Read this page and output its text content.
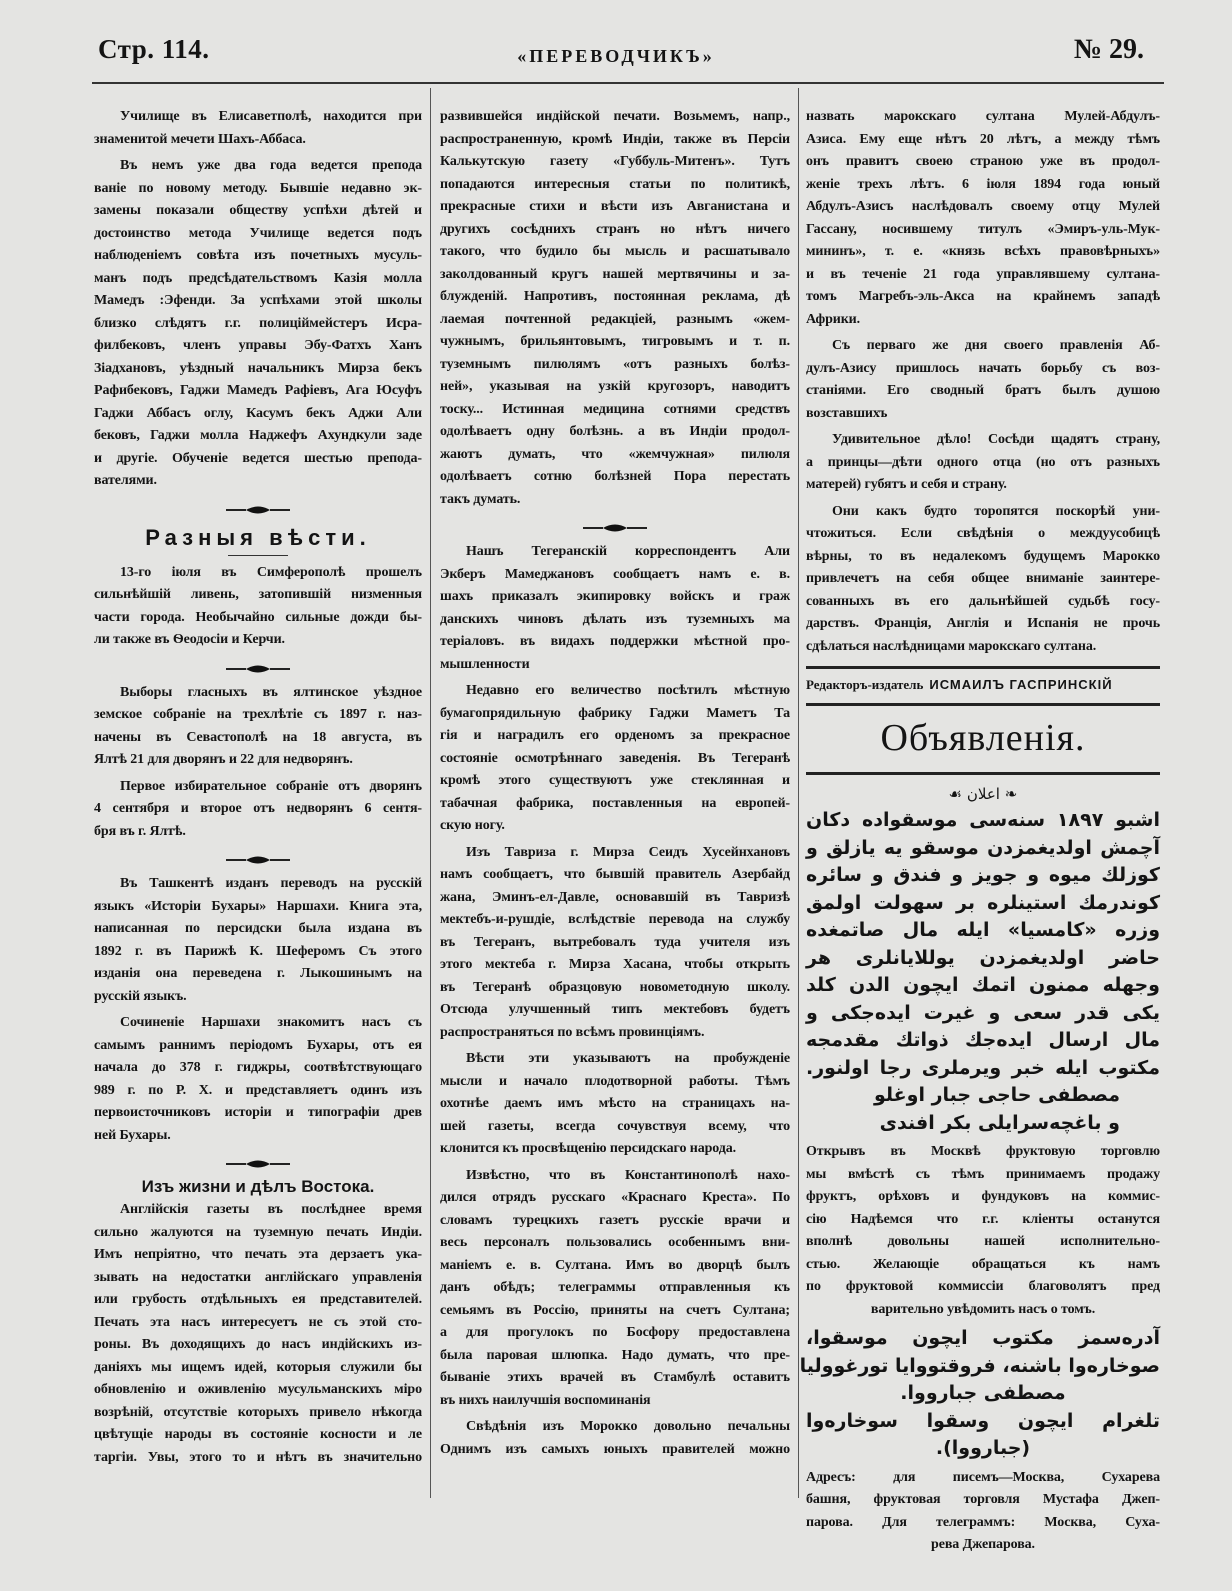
Стр. 114.	«ПЕРЕВОДЧИКЪ»	№ 29.
Училище въ Елисаветполѣ, находится при
знаменитой мечети Шахъ-Аббаса.
Въ немъ уже два года ведется препода
ваніе по новому методу. Бывшіе недавно эк-
замены показали обществу успѣхи дѣтей и
достоинство метода Училище ведется подъ
наблюденіемъ совѣта изъ почетныхъ мусуль-
манъ подъ предсѣдательствомъ Казія молла
Мамедъ :Эфенди. За успѣхами этой школы
близко слѣдятъ г.г. полиціймейстеръ Исра-
филбековъ, членъ управы Эбу-Фатхъ Ханъ
Зіадхановъ, уѣздный начальникъ Мирза бекъ
Рафибековъ, Гаджи Мамедъ Рафіевъ, Ага Юсуфъ
Гаджи Аббасъ оглу, Касумъ бекъ Аджи Али
бековъ, Гаджи молла Наджефъ Ахундкули заде
и другіе. Обученіе ведется шестью препода-
вателями.
Разныя вѣсти.
13-го іюля въ Симферополѣ прошелъ
сильнѣйшій ливень, затопившій низменныя
части города. Необычайно сильные дожди бы-
ли также въ Ѳеодосіи и Керчи.
Выборы гласныхъ въ ялтинское уѣздное
земское собраніе на трехлѣтіе съ 1897 г. наз-
начены въ Севастополѣ на 18 августа, въ
Ялтѣ 21 для дворянъ и 22 для недворянъ.
Первое избирательное собраніе отъ дворянъ
4 сентября и второе отъ недворянъ 6 сентя-
бря въ г. Ялтѣ.
Въ Ташкентѣ изданъ переводъ на русскій
языкъ «Исторіи Бухары» Наршахи. Книга эта,
написанная по персидски была издана въ
1892 г. въ Парижѣ К. Шеферомъ Съ этого
изданія она переведена г. Лыкошинымъ на
русскій языкъ.
Сочиненіе Наршахи знакомитъ насъ съ
самымъ раннимъ періодомъ Бухары, отъ ея
начала до 378 г. гиджры, соотвѣтствующаго
989 г. по Р. Х. и представляетъ одинъ изъ
первоисточниковъ исторіи и типографіи древ
ней Бухары.
Изъ жизни и дѣлъ Востока.
Англійскія газеты въ послѣднее время
сильно жалуются на туземную печать Индіи.
Имъ непріятно, что печать эта дерзаетъ ука-
зывать на недостатки англійскаго управленія
или грубость отдѣльныхъ ея представителей.
Печать эта насъ интересуетъ не съ этой сто-
роны. Въ доходящихъ до насъ индійскихъ из-
даніяхъ мы ищемъ идей, которыя служили бы
обновленію и оживленію мусульманскихъ міро
возрѣній, отсутствіе которыхъ привело нѣкогда
цвѣтущіе народы въ состояніе косности и ле
таргіи. Увы, этого то и нѣтъ въ значительно
развившейся индійской печати. Возьмемъ, напр.,
распространенную, кромѣ Индіи, также въ Персіи
Калькутскую газету «Губбуль-Митенъ». Тутъ
попадаются интересныя статьи по политикѣ,
прекрасные стихи и вѣсти изъ Авганистана и
другихъ сосѣднихъ странъ но нѣтъ ничего
такого, что будило бы мысль и расшатывало
заколдованный кругъ нашей мертвячины и за-
блужденій. Напротивъ, постоянная реклама, дѣ
лаемая почтенной редакціей, разнымъ «жем-
чужнымъ, брильянтовымъ, тигровымъ и т. п.
туземнымъ пилюлямъ «отъ разныхъ болѣз-
ней», указывая на узкій кругозоръ, наводитъ
тоску... Истинная медицина сотнями средствъ
одолѣваетъ одну болѣзнь. а въ Индіи продол-
жаютъ думать, что «жемчужная» пилюля
одолѣваетъ сотню болѣзней Пора перестать
такъ думать.
Нашъ Тегеранскій корреспондентъ Али
Экберъ Мамеджановъ сообщаетъ намъ е. в.
шахъ приказалъ экипировку войскъ и граж
данскихъ чиновъ дѣлать изъ туземныхъ ма
теріаловъ. въ видахъ поддержки мѣстной про-
мышленности
Недавно его величество посѣтилъ мѣстную
бумагопрядильную фабрику Гаджи Маметъ Та
гія и наградилъ его орденомъ за прекрасное
состояніе осмотрѣннаго заведенія. Въ Тегеранѣ
кромѣ этого существуютъ уже стеклянная и
табачная фабрика, поставленныя на европей-
скую ногу.
Изъ Тавриза г. Мирза Сеидъ Хусейнхановъ
намъ сообщаетъ, что бывшій правитель Азербайд
жана, Эминъ-ел-Давле, основавшій въ Тавризѣ
мектебъ-и-рушдіе, вслѣдствіе перевода на службу
въ Тегеранъ, вытребовалъ туда учителя изъ
этого мектеба г. Мирза Хасана, чтобы открыть
въ Тегеранѣ образцовую новометодную школу.
Отсюда улучшенный типъ мектебовъ будетъ
распространяться по всѣмъ провинціямъ.
Вѣсти эти указываютъ на пробужденіе
мысли и начало плодотворной работы. Тѣмъ
охотнѣе даемъ имъ мѣсто на страницахъ на-
шей газеты, всегда сочувствуя всему, что
клонится къ просвѣщенію персидскаго народа.
Извѣстно, что въ Константинополѣ нахо-
дился отрядъ русскаго «Краснаго Креста». По
словамъ турецкихъ газетъ русскіе врачи и
весь персоналъ пользовались особеннымъ вни-
маніемъ е. в. Султана. Имъ во дворцѣ былъ
данъ обѣдъ; телеграммы отправленныя къ
семьямъ въ Россію, приняты на счетъ Султана;
а для прогулокъ по Босфору предоставлена
была паровая шлюпка. Надо думать, что пре-
бываніе этихъ врачей въ Стамбулѣ оставитъ
въ нихъ наилучшія воспоминанія
Свѣдѣнія изъ Морокко довольно печальны
Однимъ изъ самыхъ юныхъ правителей можно
назвать марокскаго султана Мулей-Абдулъ-
Азиса. Ему еще нѣтъ 20 лѣтъ, а между тѣмъ
онъ правитъ своею страною уже въ продол-
женіе трехъ лѣтъ. 6 іюля 1894 года юный
Абдулъ-Азисъ наслѣдовалъ своему отцу Мулей
Гассану, носившему титулъ «Эмиръ-уль-Мук-
мининъ», т. е. «князь всѣхъ правовѣрныхъ»
и въ теченіе 21 года управлявшему султана-
томъ Магребъ-эль-Акса на крайнемъ западѣ
Африки.
Съ перваго же дня своего правленія Аб-
дулъ-Азису пришлось начать борьбу съ воз-
станіями. Его сводный братъ былъ душою
возставшихъ
Удивительное дѣло! Сосѣди щадятъ страну,
а принцы—дѣти одного отца (но отъ разныхъ
матерей) губятъ и себя и страну.
Они какъ будто торопятся поскорѣй уни-
чтожиться. Если свѣдѣнія о междуусобицѣ
вѣрны, то въ недалекомъ будущемъ Марокко
привлечетъ на себя общее вниманіе заинтере-
сованныхъ въ его дальнѣйшей судьбѣ госу-
дарствъ. Франція, Англія и Испанія не прочь
сдѣлаться наслѣдницами марокскаго султана.
Редакторъ-издатель ИСМАИЛЪ ГАСПРИНСКІЙ
Объявленія.
❧ اعلان ☙
اشبو ١٨٩٧ سنه‌سی موسقواده دکان
آچمش اولدیغمزدن موسقو یه یازلق و
کوزلك میوه و جویز و فندق و سائره
کوندرمك استینلره بر سهولت اولمق
وزره «کامسیا» ایله مال صاتمغده
حاضر اولدیغمزدن یوللایانلری هر
وجهله ممنون اتمك ایچون الدن کلد
یکی قدر سعی و غیرت ایده‌جکی و
مال ارسال ایده‌جك ذواتك مقدمجه
مکتوب ایله خبر ویرملری رجا اولنور.
مصطفی حاجی جبار اوغلو
و باغچه‌سرایلی بکر افندی
Открывъ въ Москвѣ фруктовую торговлю
мы вмѣстѣ съ тѣмъ принимаемъ продажу
фруктъ, орѣховъ и фундуковъ на коммис-
сію Надѣемся что г.г. кліенты останутся
вполнѣ довольны нашей исполнительно-
стью. Желающіе обращаться къ намъ
по фруктовой коммиссіи благоволятъ пред
варительно увѣдомить насъ о томъ.
آدره‌سمز مکتوب ایچون موسقوا،
صوخاره‌وا باشنه، فروقتووایا تورغوولیا
مصطفی جبارووا.
تلغرام ایچون وسقوا سوخاره‌وا
(جبارووا).
Адресъ: для писемъ—Москва, Сухарева
башня, фруктовая торговля Мустафа Джеп-
парова. Для телеграммъ: Москва, Суха-
рева Джепарова.
